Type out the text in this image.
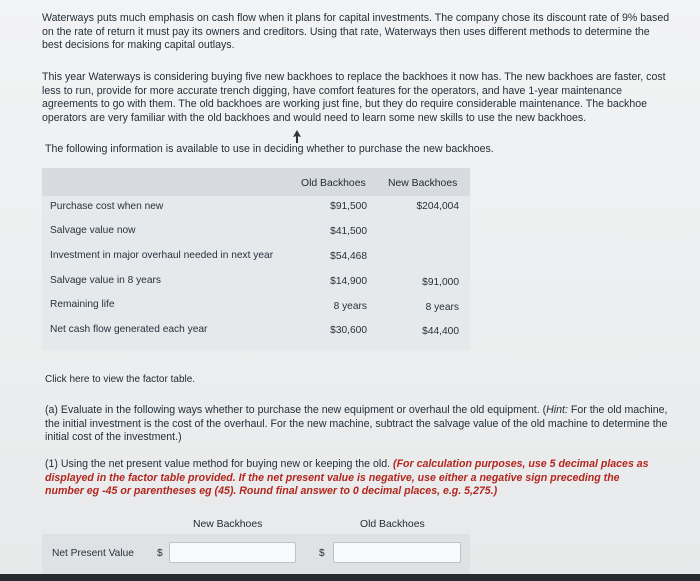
Waterways puts much emphasis on cash flow when it plans for capital investments. The company chose its discount rate of 9% based on the rate of return it must pay its owners and creditors. Using that rate, Waterways then uses different methods to determine the best decisions for making capital outlays.
This year Waterways is considering buying five new backhoes to replace the backhoes it now has. The new backhoes are faster, cost less to run, provide for more accurate trench digging, have comfort features for the operators, and have 1-year maintenance agreements to go with them. The old backhoes are working just fine, but they do require considerable maintenance. The backhoe operators are very familiar with the old backhoes and would need to learn some new skills to use the new backhoes.
The following information is available to use in deciding whether to purchase the new backhoes.
Old Backhoes New Backhoes
Purchase cost when new	$91,500	$204,004
Salvage value now	$41,500
Investment in major overhaul needed in next year	$54,468
Salvage value in 8 years	$14,900	$91,000
Remaining life	8 years	8 years
Net cash flow generated each year	$30,600	$44,400
Click here to view the factor table.
(a) Evaluate in the following ways whether to purchase the new equipment or overhaul the old equipment. (Hint: For the old machine, the initial investment is the cost of the overhaul. For the new machine, subtract the salvage value of the old machine to determine the initial cost of the investment.)
(1) Using the net present value method for buying new or keeping the old. (For calculation purposes, use 5 decimal places as displayed in the factor table provided. If the net present value is negative, use either a negative sign preceding the number eg -45 or parentheses eg (45). Round final answer to 0 decimal places, e.g. 5,275.)
New Backhoes	Old Backhoes
Net Present Value $	$
